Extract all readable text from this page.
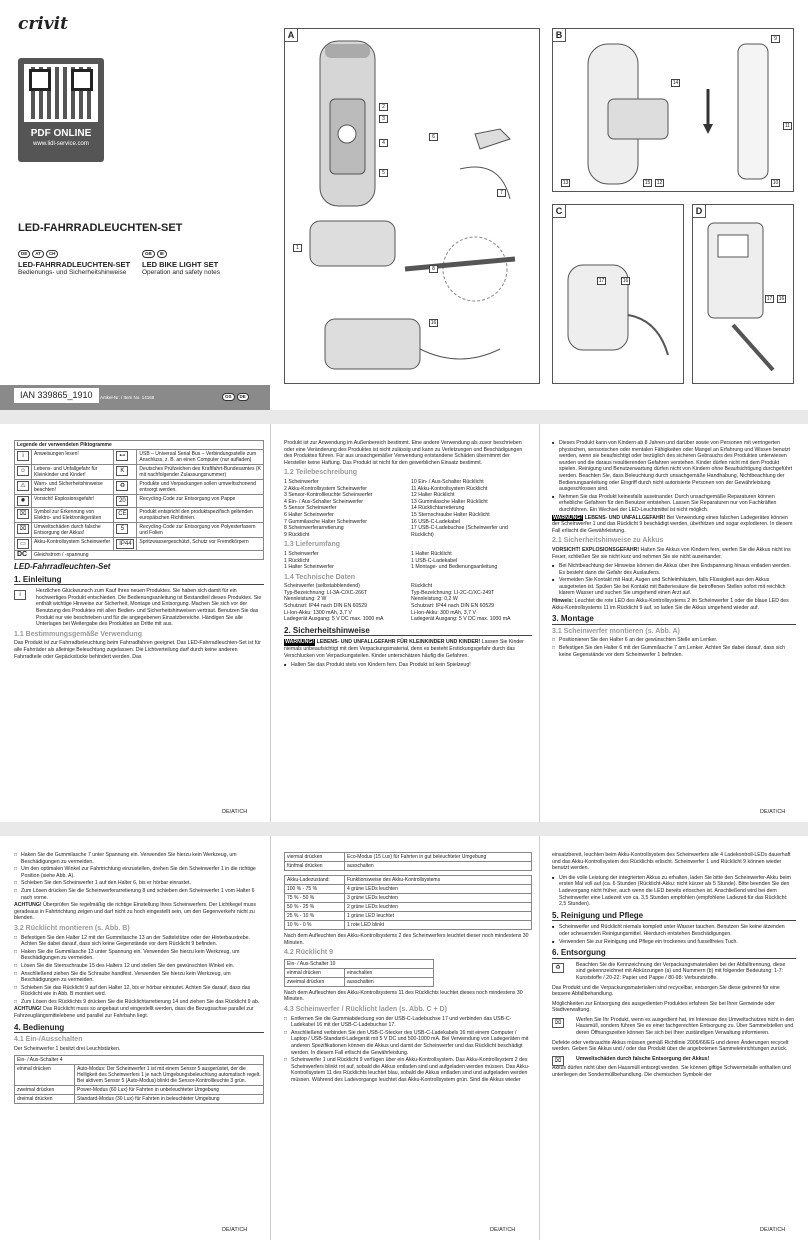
crivit
PDF ONLINE
www.lidl-service.com
LED-FAHRRADLEUCHTEN-SET
DE	AT	CH
LED-FAHRRADLEUCHTEN-SET
Bedienungs- und Sicherheitshinweise
GB	IE
LED BIKE LIGHT SET
Operation and safety notes
IAN 339865_1910	Artikel-Nr. / Item No. 14168	OS	DE
A
2
3
4
5
6
7
1
8
16
B	9
14
10
11
13	15	12
C
17	16
D
17	16
Legende der verwendeten Piktogramme			
i	Anweisungen lesen!	⊷	USB – Universal Serial Bus – Verbindungsstelle zum Anschluss, z. B. an einen Computer (nur aufladen)
☺	Lebens- und Unfallgefahr für Kleinkinder und Kinder!	K	Deutsches Prüfzeichen des Kraftfahrt-Bundesamtes (K mit nachfolgender Zulassungsnummer)
⚠	Warn- und Sicherheitshinweise beachten!	♻	Produkte und Verpackungen sollen umweltschonend entsorgt werden.
✹	Vorsicht! Explosionsgefahr!	20	Recycling-Code zur Entsorgung von Pappe
⌧	Symbol zur Erkennung von Elektro- und Elektronikgeräten	CE	Produkt entspricht den produktspezifisch geltenden europäischen Richtlinien.
⌧	Umweltschäden durch falsche Entsorgung der Akkus!	5	Recycling-Code zur Entsorgung von Polyesterfasern und Folien
▭	Akku-Kontrollsystem Scheinwerfer	IP44	Spritzwassergeschützt, Schutz vor Fremdkörpern
DC	Gleichstrom / -spannung		
LED-Fahrradleuchten-Set
1. Einleitung
i
Herzlichen Glückwunsch zum Kauf Ihres neuen Produktes. Sie haben sich damit für ein hochwertiges Produkt entschieden. Die Bedienungsanleitung ist Bestandteil dieses Produktes. Sie enthält wichtige Hinweise zur Sicherheit, Montage und Entsorgung. Machen Sie sich vor der Benutzung des Produktes mit allen Bedien- und Sicherheitshinweisen vertraut. Benutzen Sie das Produkt nur wie beschrieben und für die angegebenen Einsatzbereiche. Händigen Sie alle Unterlagen bei Weitergabe des Produktes an Dritte mit aus.
1.1 Bestimmungsgemäße Verwendung
Das Produkt ist zur Fahrradbeleuchtung beim Fahrradfahren geeignet. Das LED-Fahrradleuchten-Set ist für alle Fahrräder als alleinige Beleuchtung zugelassen. Die Lichtverteilung darf durch keine anderen Fahrradteile oder Gepäckstücke behindert werden. Das
Produkt ist zur Anwendung im Außenbereich bestimmt. Eine andere Verwendung als zuvor beschrieben oder eine Veränderung des Produktes ist nicht zulässig und kann zu Verletzungen und Beschädigungen des Produktes führen. Für aus unsachgemäßer Verwendung entstandene Schäden übernimmt der Hersteller keine Haftung. Das Produkt ist nicht für den gewerblichen Einsatz bestimmt.
1.2 Teilebeschreibung
1 Scheinwerfer
2 Akku-Kontrollsystem Scheinwerfer
3 Sensor-Kontrollleuchte Scheinwerfer
4 Ein- / Aus-Schalter Scheinwerfer
5 Sensor Scheinwerfer
6 Halter Scheinwerfer
7 Gummilasche Halter Scheinwerfer
8 Scheinwerferarretierung
9 Rücklicht
10 Ein- / Aus-Schalter Rücklicht
11 Akku-Kontrollsystem Rücklicht
12 Halter Rücklicht
13 Gummilasche Halter Rücklicht
14 Rücklichtarretierung
15 Sternschraube Halter Rücklicht
16 USB-C-Ladekabel
17 USB-C-Ladebuchse (Scheinwerfer und Rücklicht)
1.3 Lieferumfang
1 Scheinwerfer
1 Rücklicht
1 Halter Scheinwerfer
1 Halter Rücklicht
1 USB-C-Ladekabel
1 Montage- und Bedienungsanleitung
1.4 Technische Daten
Scheinwerfer (selbstabblendend)
Typ-Bezeichnung: LI-3A-C/XC-266T
Nennleistung: 2 W
Schutzart: IP44 nach DIN EN 60529
Li-Ion-Akku: 1300 mAh, 3,7 V
Ladegerät Ausgang: 5 V DC max. 1000 mA
Rücklicht
Typ-Bezeichnung: LI-2C-C/XC-249T
Nennleistung: 0,2 W
Schutzart: IP44 nach DIN EN 60529
Li-Ion-Akku: 300 mAh, 3,7 V
Ladegerät Ausgang: 5 V DC max. 1000 mA
2. Sicherheitshinweise
WARNUNG! LEBENS- UND UNFALLGEFAHR FÜR KLEINKINDER UND KINDER! Lassen Sie Kinder niemals unbeaufsichtigt mit dem Verpackungsmaterial, denn es besteht Erstickungsgefahr durch das Verschlucken von Verpackungsteilen. Kinder unterschätzen häufig die Gefahren.
■ Halten Sie das Produkt stets von Kindern fern. Das Produkt ist kein Spielzeug!
■ Dieses Produkt kann von Kindern ab 8 Jahren und darüber sowie von Personen mit verringerten physischen, sensorischen oder mentalen Fähigkeiten oder Mangel an Erfahrung und Wissen benutzt werden, wenn sie beaufsichtigt oder bezüglich des sicheren Gebrauchs des Produktes unterwiesen wurden und die daraus resultierenden Gefahren verstehen. Kinder dürfen nicht mit dem Produkt spielen. Reinigung und Benutzerwartung dürfen nicht von Kindern ohne Beaufsichtigung durchgeführt werden. Beachten Sie, dass Beleuchtung durch unsachgemäße Handhabung, Nichtbeachtung der Bedienungsanleitung oder Eingriff durch nicht autorisierte Personen von der Gewährleistung ausgeschlossen sind.
■ Nehmen Sie das Produkt keinesfalls auseinander. Durch unsachgemäße Reparaturen können erhebliche Gefahren für den Benutzer entstehen. Lassen Sie Reparaturen nur von Fachkräften durchführen. Ein Wechsel der LED-Leuchtmittel ist nicht möglich.
WARNUNG! LEBENS- UND UNFALLGEFAHR! Bei Verwendung eines falschen Ladegerätes können der Scheinwerfer 1 und das Rücklicht 9 beschädigt werden, überhitzen und sogar explodieren. In diesem Fall erlischt die Gewährleistung.
2.1 Sicherheitshinweise zu Akkus
VORSICHT! EXPLOSIONSGEFAHR! Halten Sie Akkus von Kindern fern, werfen Sie die Akkus nicht ins Feuer, schließen Sie sie nicht kurz und nehmen Sie sie nicht auseinander.
■ Bei Nichtbeachtung der Hinweise können die Akkus über ihre Endspannung hinaus entladen werden. Es besteht dann die Gefahr des Auslaufens.
■ Vermeiden Sie Kontakt mit Haut, Augen und Schleimhäuten, falls Flüssigkeit aus den Akkus ausgetreten ist. Spülen Sie bei Kontakt mit Batteriesäure die betroffenen Stellen sofort mit reichlich klarem Wasser und suchen Sie umgehend einen Arzt auf.
Hinweis: Leuchtet die rote LED des Akku-Kontrollsystems 2 im Scheinwerfer 1 oder die blaue LED des Akku-Kontrollsystems 11 im Rücklicht 9 auf, so laden Sie die Akkus umgehend wieder auf.
3. Montage
3.1 Scheinwerfer montieren (s. Abb. A)
□ Positionieren Sie den Halter 6 an der gewünschten Stelle am Lenker.
□ Befestigen Sie den Halter 6 mit der Gummilasche 7 am Lenker. Achten Sie dabei darauf, dass sich keine Gegenstände vor dem Scheinwerfer 1 befinden.
DE/AT/CH	DE/AT/CH
□ Haken Sie die Gummilasche 7 unter Spannung ein. Verwenden Sie hierzu kein Werkzeug, um Beschädigungen zu vermeiden.
□ Um den optimalen Winkel zur Fahrtrichtung einzustellen, drehen Sie den Scheinwerfer 1 in die richtige Position (siehe Abb. A).
□ Schieben Sie den Scheinwerfer 1 auf den Halter 6, bis er hörbar einrastet.
□ Zum Lösen drücken Sie die Scheinwerferarretierung 8 und schieben den Scheinwerfer 1 vom Halter 6 nach vorne.
ACHTUNG! Überprüfen Sie regelmäßig die richtige Einstellung Ihres Scheinwerfers. Der Lichtkegel muss geradeaus in Fahrtrichtung zeigen und darf nicht zu hoch eingestellt sein, um den Gegenverkehr nicht zu blenden.
3.2 Rücklicht montieren (s. Abb. B)
□ Befestigen Sie den Halter 12 mit der Gummilasche 13 an der Sattelstütze oder der Hinterbaustrebe. Achten Sie dabei darauf, dass sich keine Gegenstände vor dem Rücklicht 9 befinden.
□ Haken Sie die Gummilasche 13 unter Spannung ein. Verwenden Sie hierzu kein Werkzeug, um Beschädigungen zu vermeiden.
□ Lösen Sie die Sternschraube 15 des Halters 12 und stellen Sie den gewünschten Winkel ein.
□ Anschließend ziehen Sie die Schraube handfest. Verwenden Sie hierzu kein Werkzeug, um Beschädigungen zu vermeiden.
□ Schieben Sie das Rücklicht 9 auf den Halter 12, bis er hörbar einrastet. Achten Sie darauf, dass das Rücklicht wie in Abb. B montiert wird.
□ Zum Lösen des Rücklichts 9 drücken Sie die Rücklichtarretierung 14 und ziehen Sie das Rücklicht 9 ab.
ACHTUNG! Das Rücklicht muss so angebaut und eingestellt werden, dass die Bezugsachse parallel zur Fahrzeuglängsmittelebene und parallel zur Fahrbahn liegt.
4. Bedienung
4.1 Ein-/Ausschalten
Der Scheinwerfer 1 besitzt drei Leuchtstärken.
Ein- / Aus-Schalter 4	
einmal drücken	Auto-Modus: Der Scheinwerfer 1 ist mit einem Sensor 5 ausgerüstet, der die Helligkeit des Scheinwerfers 1 je nach Umgebungsbeleuchtung automatisch regelt. Bei aktivem Sensor 5 (Auto-Modus) blinkt die Sensor-Kontrollleuchte 3 grün.
zweimal drücken	Power-Modus (60 Lux) für Fahrten in unbeleuchteter Umgebung
dreimal drücken	Standard-Modus (30 Lux) für Fahrten in beleuchteter Umgebung
viermal drücken	Eco-Modus (15 Lux) für Fahrten in gut beleuchteter Umgebung
fünfmal drücken	ausschalten
Akku-Ladezustand:	Funktionsweise des Akku-Kontrollsystems
100 % - 75 %	4 grüne LEDs leuchten
75 % - 50 %	3 grüne LEDs leuchten
50 % - 25 %	2 grüne LEDs leuchten
25 % - 10 %	1 grüne LED leuchtet
10 % - 0 %	1 rote LED blinkt
Nach dem Aufleuchten des Akku-Kontrollsystems 2 des Scheinwerfers leuchtet dieser noch mindestens 30 Minuten.
4.2 Rücklicht 9
Ein- / Aus-Schalter 10	
einmal drücken	einschalten
zweimal drücken	ausschalten
Nach dem Aufleuchten des Akku-Kontrollsystems 11 des Rücklichts leuchtet dieses noch mindestens 30 Minuten.
4.3 Scheinwerfer / Rücklicht laden (s. Abb. C + D)
□ Entfernen Sie die Gummiabdeckung von der USB-C-Ladebuchse 17 und verbinden das USB-C-Ladekabel 16 mit der USB-C-Ladebuchse 17.
□ Anschließend verbinden Sie den USB-C-Stecker des USB-C-Ladekabels 16 mit einem Computer / Laptop / USB-Standard-Ladegerät mit 5 V DC und 500-1000 mA. Bei Verwendung von Ladegeräten mit anderen Spezifikationen können die Akkus und damit der Scheinwerfer und das Rücklicht beschädigt werden. In diesem Fall erlischt die Gewährleistung.
□ Scheinwerfer 1 und Rücklicht 9 verfügen über ein Akku-Kontrollsystem. Das Akku-Kontrollsystem 2 des Scheinwerfers blinkt rot auf, sobald die Akkus entladen sind und aufgeladen werden müssen. Das Akku-Kontrollsystem 11 des Rücklichts leuchtet blau, sobald die Akkus entladen sind und aufgeladen werden müssen. Während des Ladevorgangs leuchtet das Akku-Kontrollsystem grün. Sind die Akkus wieder
einsatzbereit, leuchten beim Akku-Kontrollsystem des Scheinwerfers alle 4 Ladekontroll-LEDs dauerhaft und das Akku-Kontrollsystem des Rücklichts erlischt. Scheinwerfer 1 und Rücklicht 9 können wieder benutzt werden.
■ Um die volle Leistung der integrierten Akkus zu erhalten, laden Sie bitte den Scheinwerfer-Akku beim ersten Mal voll auf (ca. 6 Stunden (Rücklicht-Akku: nicht kürzer als 5 Stunde). Bitte beenden Sie den Ladevorgang nicht früher, auch wenn die LED bereits erloschen ist. Anschließend wird bei dem Scheinwerfer eine Ladezeit von ca. 3,5 Stunden empfohlen (empfohlene Ladezeit für das Rücklicht: 2,5 Stunden).
5. Reinigung und Pflege
■ Scheinwerfer und Rücklicht niemals komplett unter Wasser tauchen. Benutzen Sie keine ätzenden oder scheuernden Reinigungsmittel. Hierdurch entstehen Beschädigungen.
■ Verwenden Sie zur Reinigung und Pflege ein trockenes und fusselfreies Tuch.
6. Entsorgung
♻	Beachten Sie die Kennzeichnung der Verpackungsmaterialien bei der Abfalltrennung, diese sind gekennzeichnet mit Abkürzungen (a) und Nummern (b) mit folgender Bedeutung: 1-7: Kunststoffe / 20-22: Papier und Pappe / 80-98: Verbundstoffe.
Das Produkt und die Verpackungsmaterialien sind recycelbar, entsorgen Sie diese getrennt für eine bessere Abfallbehandlung.
Möglichkeiten zur Entsorgung des ausgedienten Produktes erfahren Sie bei Ihrer Gemeinde oder Stadtverwaltung.
⌧	Werfen Sie Ihr Produkt, wenn es ausgedient hat, im Interesse des Umweltschutzes nicht in den Hausmüll, sondern führen Sie es einer fachgerechten Entsorgung zu. Über Sammelstellen und deren Öffnungszeiten können Sie sich bei Ihrer zuständigen Verwaltung informieren.
Defekte oder verbrauchte Akkus müssen gemäß Richtlinie 2006/66/EG und deren Änderungen recycelt werden. Geben Sie Akkus und / oder das Produkt über die angebotenen Sammeleinrichtungen zurück.
⌧	Umweltschäden durch falsche Entsorgung der Akkus!
Akkus dürfen nicht über den Hausmüll entsorgt werden. Sie können giftige Schwermetalle enthalten und unterliegen der Sondermüllbehandlung. Die chemischen Symbole der
DE/AT/CH	DE/AT/CH	DE/AT/CH
